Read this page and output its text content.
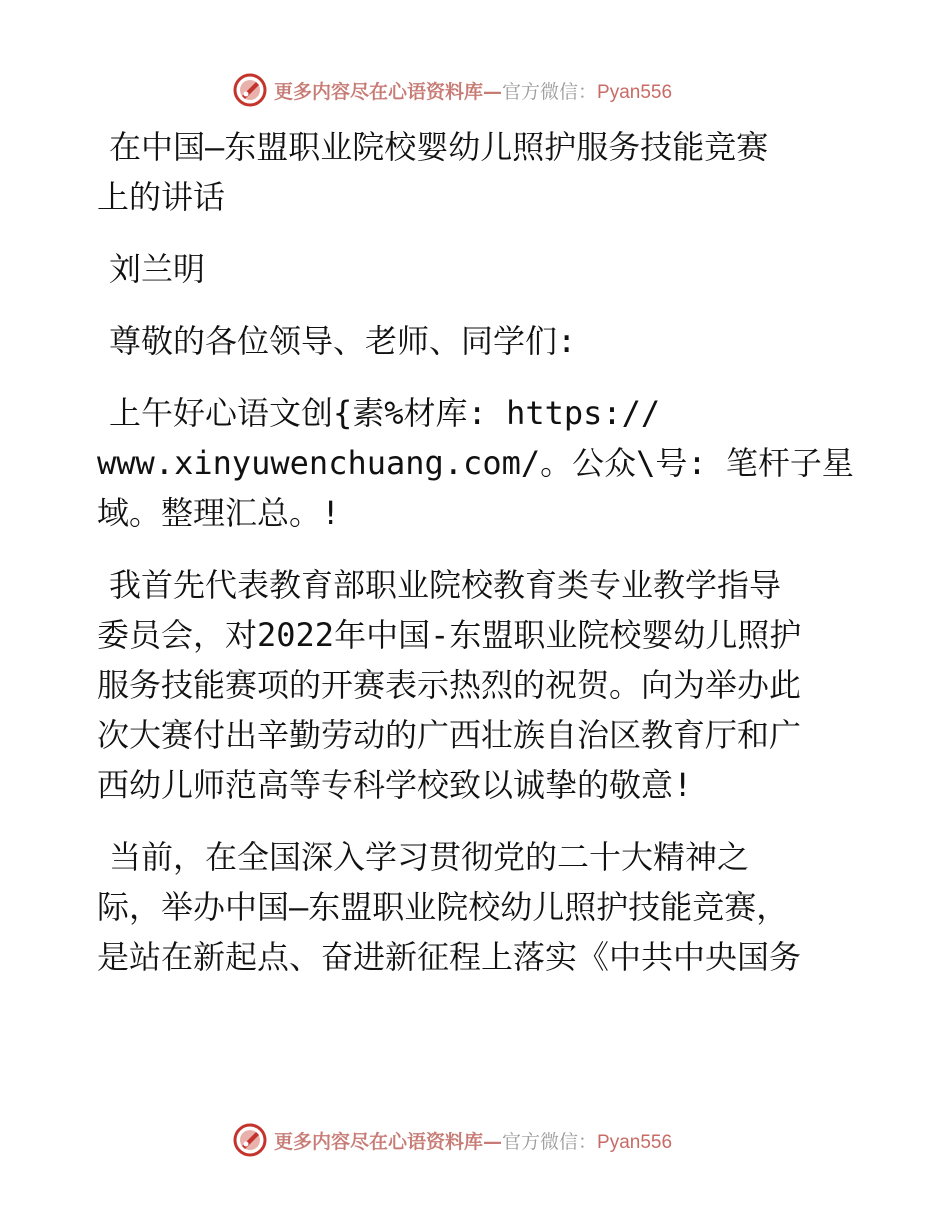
更多内容尽在心语资料库—官方微信：Pyan556

在中国—东盟职业院校婴幼儿照护服务技能竞赛
上的讲话

刘兰明

尊敬的各位领导、老师、同学们:

上午好心语文创{素%材库: https://
www.xinyuwenchuang.com/。公众\号: 笔杆子星
域。整理汇总。!

我首先代表教育部职业院校教育类专业教学指导
委员会，对2022年中国-东盟职业院校婴幼儿照护
服务技能赛项的开赛表示热烈的祝贺。向为举办此
次大赛付出辛勤劳动的广西壮族自治区教育厅和广
西幼儿师范高等专科学校致以诚挚的敬意!

当前，在全国深入学习贯彻党的二十大精神之
际，举办中国—东盟职业院校幼儿照护技能竞赛，
是站在新起点、奋进新征程上落实《中共中央国务

更多内容尽在心语资料库—官方微信：Pyan556
